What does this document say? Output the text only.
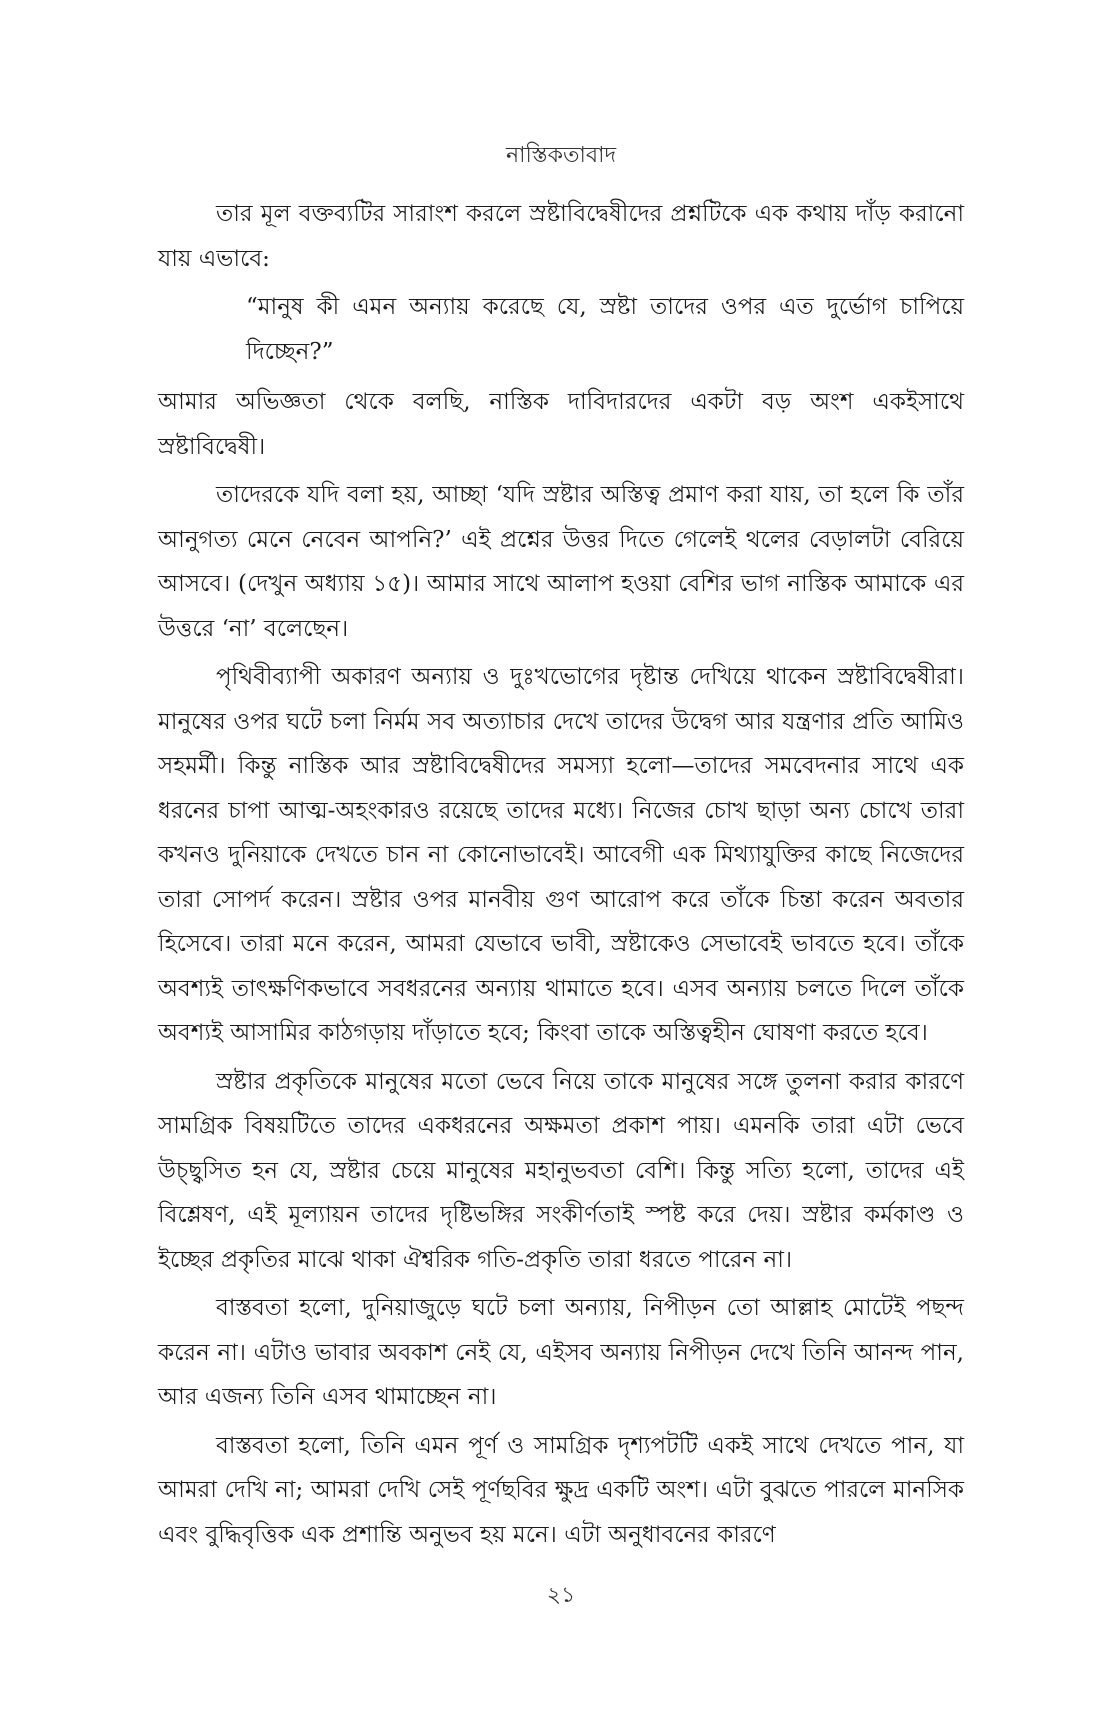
নাস্তিকতাবাদ

তার মূল বক্তব্যটির সারাংশ করলে স্রষ্টাবিদ্বেষীদের প্রশ্নটিকে এক কথায় দাঁড় করানো যায় এভাবে:

“মানুষ কী এমন অন্যায় করেছে যে, স্রষ্টা তাদের ওপর এত দুর্ভোগ চাপিয়ে দিচ্ছেন?”

আমার অভিজ্ঞতা থেকে বলছি, নাস্তিক দাবিদারদের একটা বড় অংশ একইসাথে স্রষ্টাবিদ্বেষী।

তাদেরকে যদি বলা হয়, আচ্ছা ‘যদি স্রষ্টার অস্তিত্ব প্রমাণ করা যায়, তা হলে কি তাঁর আনুগত্য মেনে নেবেন আপনি?’ এই প্রশ্নের উত্তর দিতে গেলেই থলের বেড়ালটা বেরিয়ে আসবে। (দেখুন অধ্যায় ১৫)। আমার সাথে আলাপ হওয়া বেশির ভাগ নাস্তিক আমাকে এর উত্তরে ‘না’ বলেছেন।

পৃথিবীব্যাপী অকারণ অন্যায় ও দুঃখভোগের দৃষ্টান্ত দেখিয়ে থাকেন স্রষ্টাবিদ্বেষীরা। মানুষের ওপর ঘটে চলা নির্মম সব অত্যাচার দেখে তাদের উদ্বেগ আর যন্ত্রণার প্রতি আমিও সহমর্মী। কিন্তু নাস্তিক আর স্রষ্টাবিদ্বেষীদের সমস্যা হলো—তাদের সমবেদনার সাথে এক ধরনের চাপা আত্ম-অহংকারও রয়েছে তাদের মধ্যে। নিজের চোখ ছাড়া অন্য চোখে তারা কখনও দুনিয়াকে দেখতে চান না কোনোভাবেই। আবেগী এক মিথ্যাযুক্তির কাছে নিজেদের তারা সোপর্দ করেন। স্রষ্টার ওপর মানবীয় গুণ আরোপ করে তাঁকে চিন্তা করেন অবতার হিসেবে। তারা মনে করেন, আমরা যেভাবে ভাবী, স্রষ্টাকেও সেভাবেই ভাবতে হবে। তাঁকে অবশ্যই তাৎক্ষণিকভাবে সবধরনের অন্যায় থামাতে হবে। এসব অন্যায় চলতে দিলে তাঁকে অবশ্যই আসামির কাঠগড়ায় দাঁড়াতে হবে; কিংবা তাকে অস্তিত্বহীন ঘোষণা করতে হবে।

স্রষ্টার প্রকৃতিকে মানুষের মতো ভেবে নিয়ে তাকে মানুষের সঙ্গে তুলনা করার কারণে সামগ্রিক বিষয়টিতে তাদের একধরনের অক্ষমতা প্রকাশ পায়। এমনকি তারা এটা ভেবে উচ্ছ্বসিত হন যে, স্রষ্টার চেয়ে মানুষের মহানুভবতা বেশি। কিন্তু সত্যি হলো, তাদের এই বিশ্লেষণ, এই মূল্যায়ন তাদের দৃষ্টিভঙ্গির সংকীর্ণতাই স্পষ্ট করে দেয়। স্রষ্টার কর্মকাণ্ড ও ইচ্ছের প্রকৃতির মাঝে থাকা ঐশ্বরিক গতি-প্রকৃতি তারা ধরতে পারেন না।

বাস্তবতা হলো, দুনিয়াজুড়ে ঘটে চলা অন্যায়, নিপীড়ন তো আল্লাহ মোটেই পছন্দ করেন না। এটাও ভাবার অবকাশ নেই যে, এইসব অন্যায় নিপীড়ন দেখে তিনি আনন্দ পান, আর এজন্য তিনি এসব থামাচ্ছেন না।

বাস্তবতা হলো, তিনি এমন পূর্ণ ও সামগ্রিক দৃশ্যপটটি একই সাথে দেখতে পান, যা আমরা দেখি না; আমরা দেখি সেই পূর্ণছবির ক্ষুদ্র একটি অংশ। এটা বুঝতে পারলে মানসিক এবং বুদ্ধিবৃত্তিক এক প্রশান্তি অনুভব হয় মনে। এটা অনুধাবনের কারণে

২১
